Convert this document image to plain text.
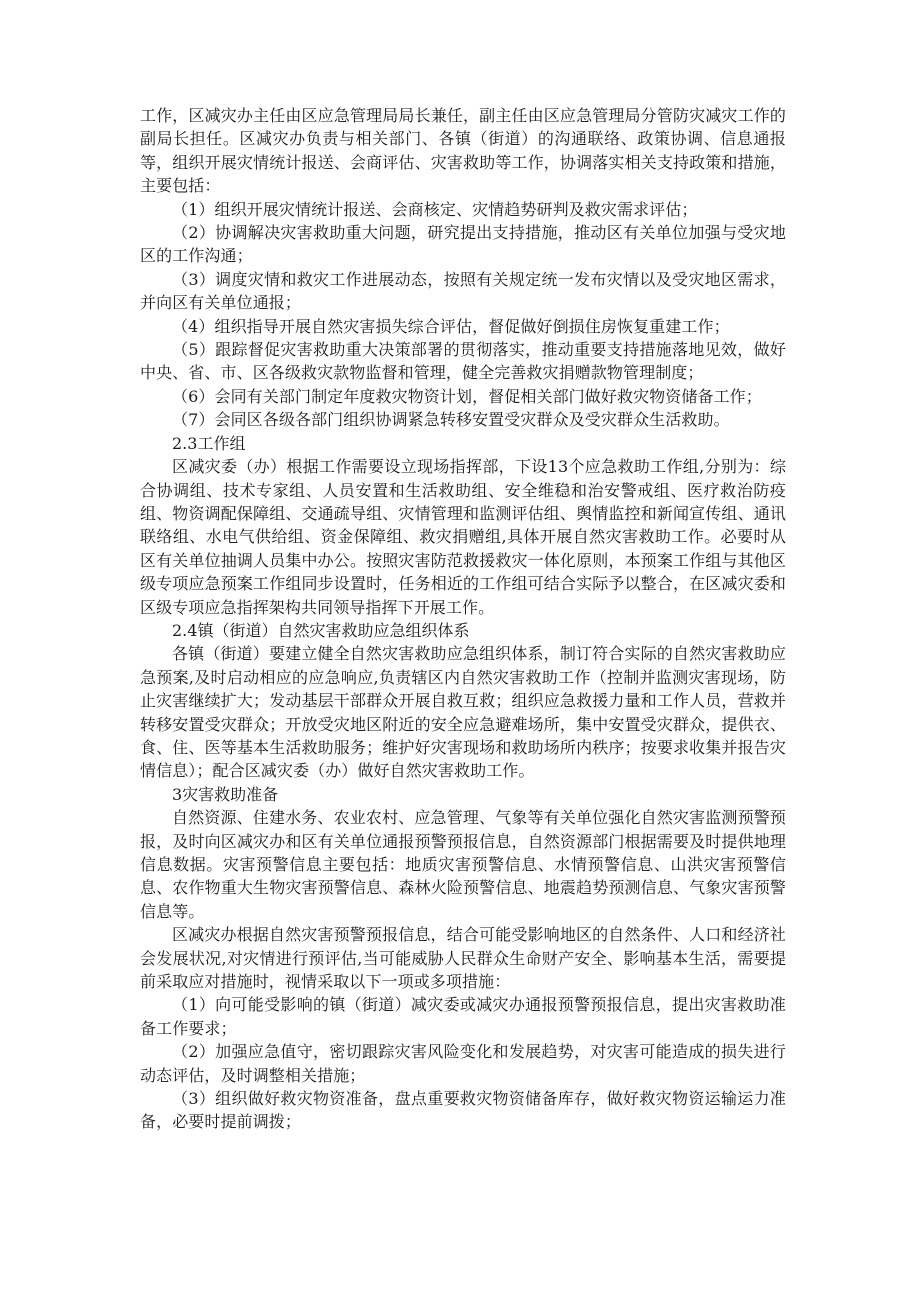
工作，区减灾办主任由区应急管理局局长兼任，副主任由区应急管理局分管防灾减灾工作的副局长担任。区减灾办负责与相关部门、各镇（街道）的沟通联络、政策协调、信息通报等，组织开展灾情统计报送、会商评估、灾害救助等工作，协调落实相关支持政策和措施，主要包括：

（1）组织开展灾情统计报送、会商核定、灾情趋势研判及救灾需求评估；

（2）协调解决灾害救助重大问题，研究提出支持措施，推动区有关单位加强与受灾地区的工作沟通；

（3）调度灾情和救灾工作进展动态，按照有关规定统一发布灾情以及受灾地区需求，并向区有关单位通报；

（4）组织指导开展自然灾害损失综合评估，督促做好倒损住房恢复重建工作；

（5）跟踪督促灾害救助重大决策部署的贯彻落实，推动重要支持措施落地见效，做好中央、省、市、区各级救灾款物监督和管理，健全完善救灾捐赠款物管理制度；

（6）会同有关部门制定年度救灾物资计划，督促相关部门做好救灾物资储备工作；

（7）会同区各级各部门组织协调紧急转移安置受灾群众及受灾群众生活救助。

2.3工作组

区减灾委（办）根据工作需要设立现场指挥部，下设13个应急救助工作组,分别为：综合协调组、技术专家组、人员安置和生活救助组、安全维稳和治安警戒组、医疗救治防疫组、物资调配保障组、交通疏导组、灾情管理和监测评估组、舆情监控和新闻宣传组、通讯联络组、水电气供给组、资金保障组、救灾捐赠组,具体开展自然灾害救助工作。必要时从区有关单位抽调人员集中办公。按照灾害防范救援救灾一体化原则，本预案工作组与其他区级专项应急预案工作组同步设置时，任务相近的工作组可结合实际予以整合，在区减灾委和区级专项应急指挥架构共同领导指挥下开展工作。

2.4镇（街道）自然灾害救助应急组织体系

各镇（街道）要建立健全自然灾害救助应急组织体系，制订符合实际的自然灾害救助应急预案,及时启动相应的应急响应,负责辖区内自然灾害救助工作（控制并监测灾害现场，防止灾害继续扩大；发动基层干部群众开展自救互救；组织应急救援力量和工作人员，营救并转移安置受灾群众；开放受灾地区附近的安全应急避难场所，集中安置受灾群众，提供衣、食、住、医等基本生活救助服务；维护好灾害现场和救助场所内秩序；按要求收集并报告灾情信息）；配合区减灾委（办）做好自然灾害救助工作。

3灾害救助准备

自然资源、住建水务、农业农村、应急管理、气象等有关单位强化自然灾害监测预警预报，及时向区减灾办和区有关单位通报预警预报信息，自然资源部门根据需要及时提供地理信息数据。灾害预警信息主要包括：地质灾害预警信息、水情预警信息、山洪灾害预警信息、农作物重大生物灾害预警信息、森林火险预警信息、地震趋势预测信息、气象灾害预警信息等。

区减灾办根据自然灾害预警预报信息，结合可能受影响地区的自然条件、人口和经济社会发展状况,对灾情进行预评估,当可能威胁人民群众生命财产安全、影响基本生活，需要提前采取应对措施时，视情采取以下一项或多项措施：

（1）向可能受影响的镇（街道）减灾委或减灾办通报预警预报信息，提出灾害救助准备工作要求；

（2）加强应急值守，密切跟踪灾害风险变化和发展趋势，对灾害可能造成的损失进行动态评估，及时调整相关措施；

（3）组织做好救灾物资准备，盘点重要救灾物资储备库存，做好救灾物资运输运力准备，必要时提前调拨；
